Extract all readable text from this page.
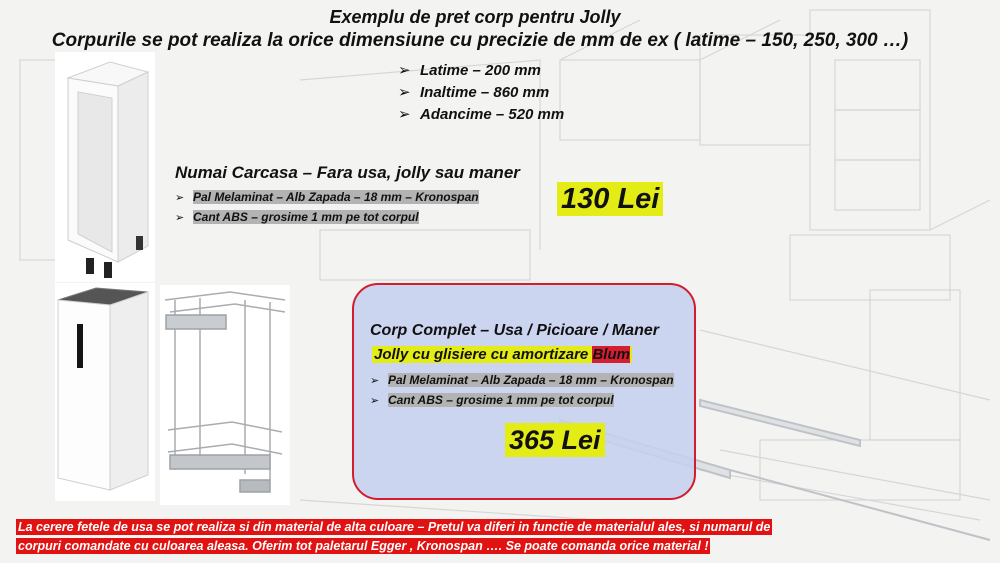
Exemplu de pret corp pentru Jolly
Corpurile se pot realiza la orice dimensiune cu precizie de mm de ex ( latime – 150, 250, 300 …)
➢ Latime – 200 mm
➢ Inaltime – 860 mm
➢ Adancime – 520 mm
Numai Carcasa – Fara usa, jolly sau maner
➢ Pal Melaminat – Alb Zapada – 18 mm – Kronospan
➢ Cant ABS – grosime 1 mm pe tot corpul
130 Lei
Corp Complet – Usa / Picioare / Maner
Jolly cu glisiere cu amortizare Blum
➢ Pal Melaminat – Alb Zapada – 18 mm – Kronospan
➢ Cant ABS – grosime 1 mm pe tot corpul
365 Lei
La cerere fetele de usa se pot realiza si din material de alta culoare – Pretul va diferi in functie de materialul ales, si numarul de
corpuri comandate cu culoarea aleasa. Oferim tot paletarul Egger , Kronospan …. Se poate comanda orice material !
